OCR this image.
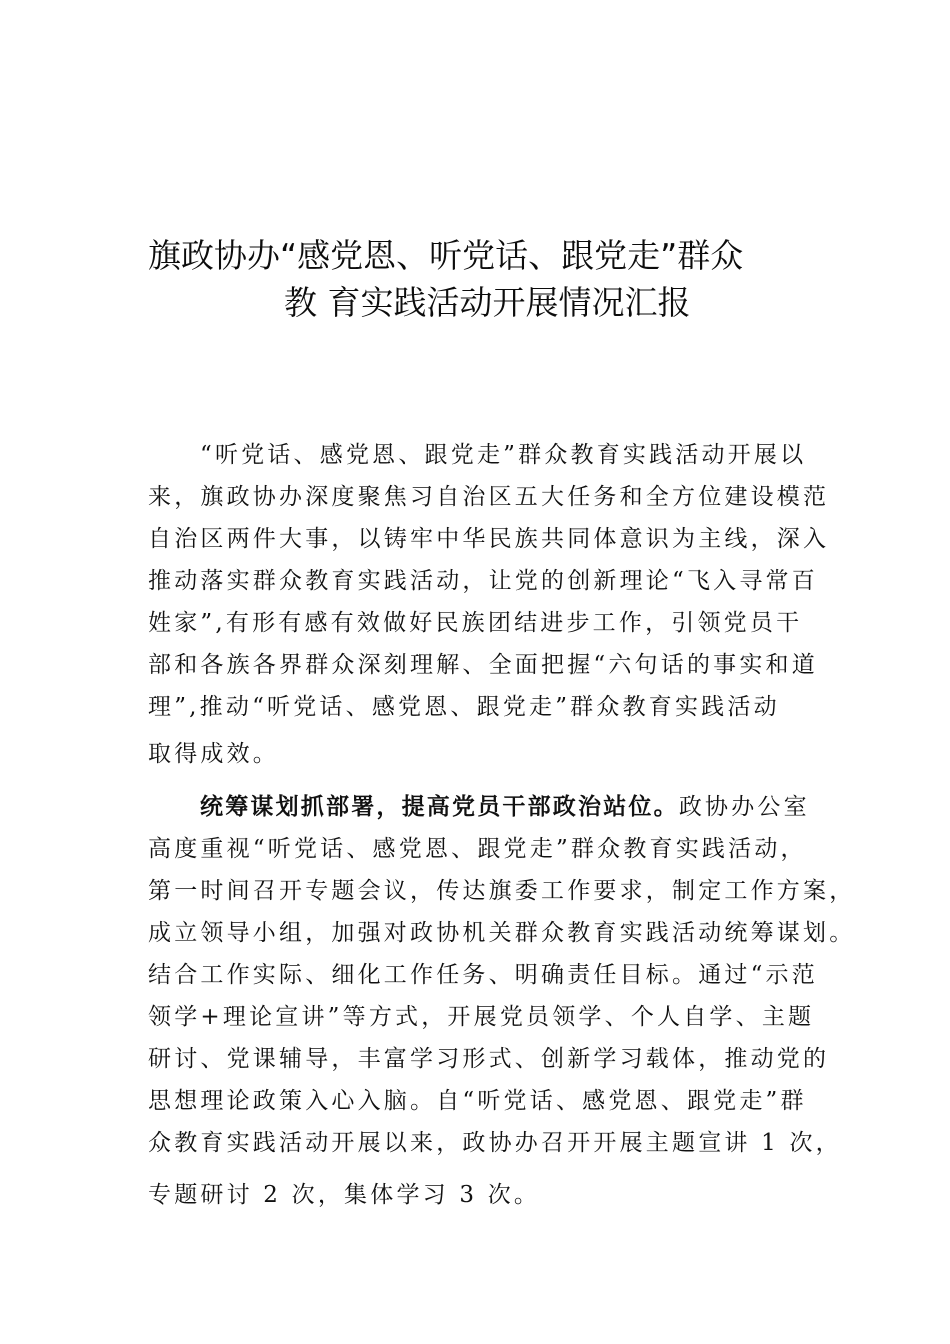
旗政协办“感党恩、听党话、跟党走”群众
教 育实践活动开展情况汇报
“听党话、感党恩、跟党走”群众教育实践活动开展以
来，旗政协办深度聚焦习自治区五大任务和全方位建设模范
自治区两件大事，以铸牢中华民族共同体意识为主线，深入
推动落实群众教育实践活动，让党的创新理论“飞入寻常百
姓家”,有形有感有效做好民族团结进步工作，引领党员干
部和各族各界群众深刻理解、全面把握“六句话的事实和道
理”,推动“听党话、感党恩、跟党走”群众教育实践活动
取得成效。
统筹谋划抓部署，提高党员干部政治站位。政协办公室
高度重视“听党话、感党恩、跟党走”群众教育实践活动，
第一时间召开专题会议，传达旗委工作要求，制定工作方案，
成立领导小组，加强对政协机关群众教育实践活动统筹谋划。
结合工作实际、细化工作任务、明确责任目标。通过“示范
领学+理论宣讲”等方式，开展党员领学、个人自学、主题
研讨、党课辅导，丰富学习形式、创新学习载体，推动党的
思想理论政策入心入脑。自“听党话、感党恩、跟党走”群
众教育实践活动开展以来，政协办召开开展主题宣讲 1 次，
专题研讨 2 次，集体学习 3 次。
